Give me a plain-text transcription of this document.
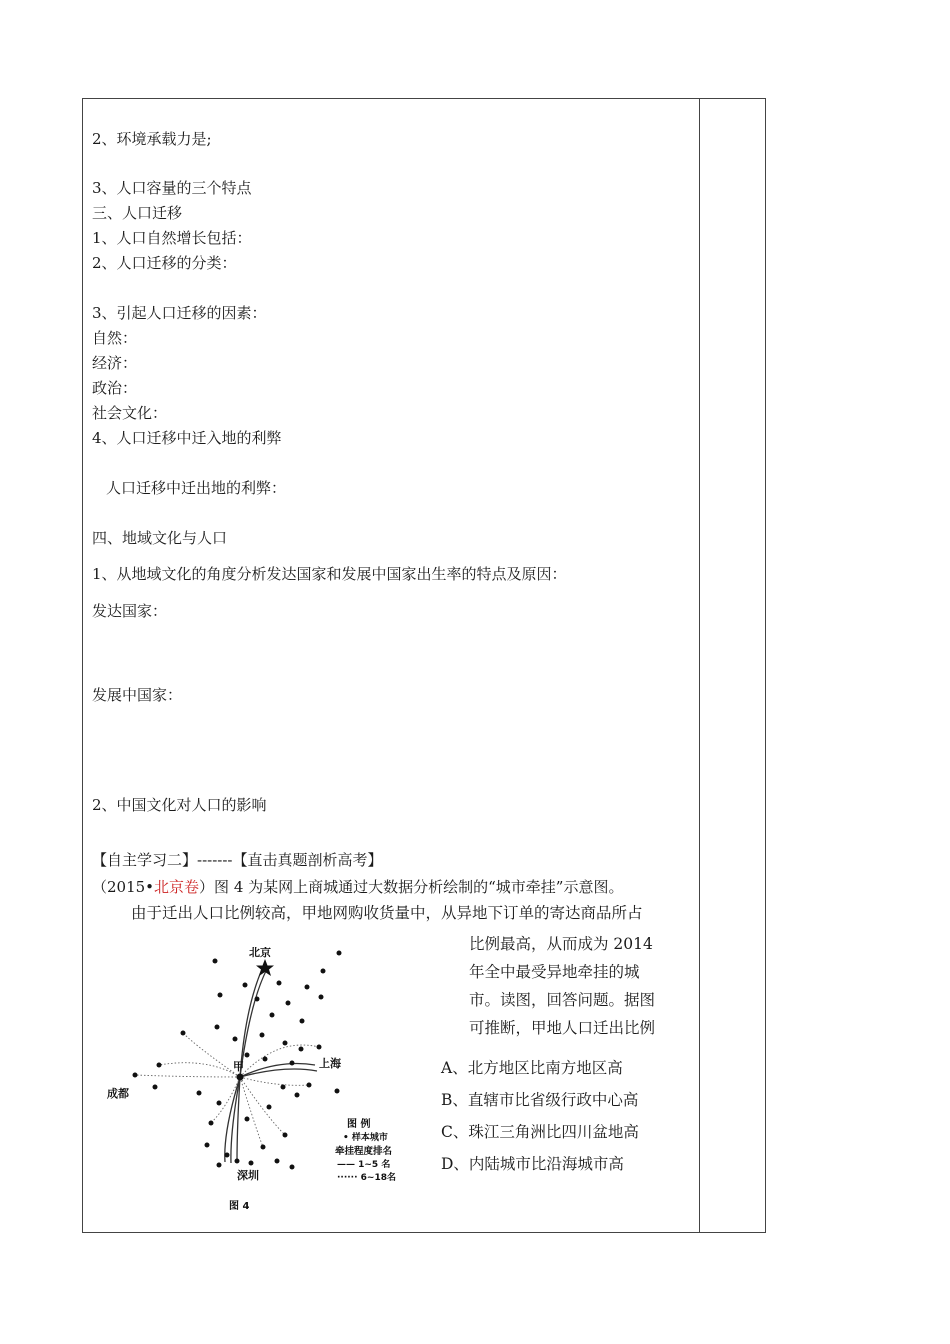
2、环境承载力是;
3、人口容量的三个特点
三、人口迁移
1、人口自然增长包括：
2、人口迁移的分类：
3、引起人口迁移的因素：
自然：
经济：
政治：
社会文化：
4、人口迁移中迁入地的利弊
人口迁移中迁出地的利弊：
四、地域文化与人口
1、从地域文化的角度分析发达国家和发展中国家出生率的特点及原因：
发达国家：
发展中国家：
2、中国文化对人口的影响
【自主学习二】-------【直击真题剖析高考】
（2015•北京卷）图 4 为某网上商城通过大数据分析绘制的“城市牵挂”示意图。
由于迁出人口比例较高，甲地网购收货量中，从异地下订单的寄达商品所占
比例最高，从而成为 2014
年全中最受异地牵挂的城
市。读图，回答问题。据图
可推断，甲地人口迁出比例
A、北方地区比南方地区高
B、直辖市比省级行政中心高
C、珠江三角洲比四川盆地高
D、内陆城市比沿海城市高
北京
甲	上海
成都
深圳
图 例
• 样本城市
牵挂程度排名
—— 1~5 名
······ 6~18名
图 4
